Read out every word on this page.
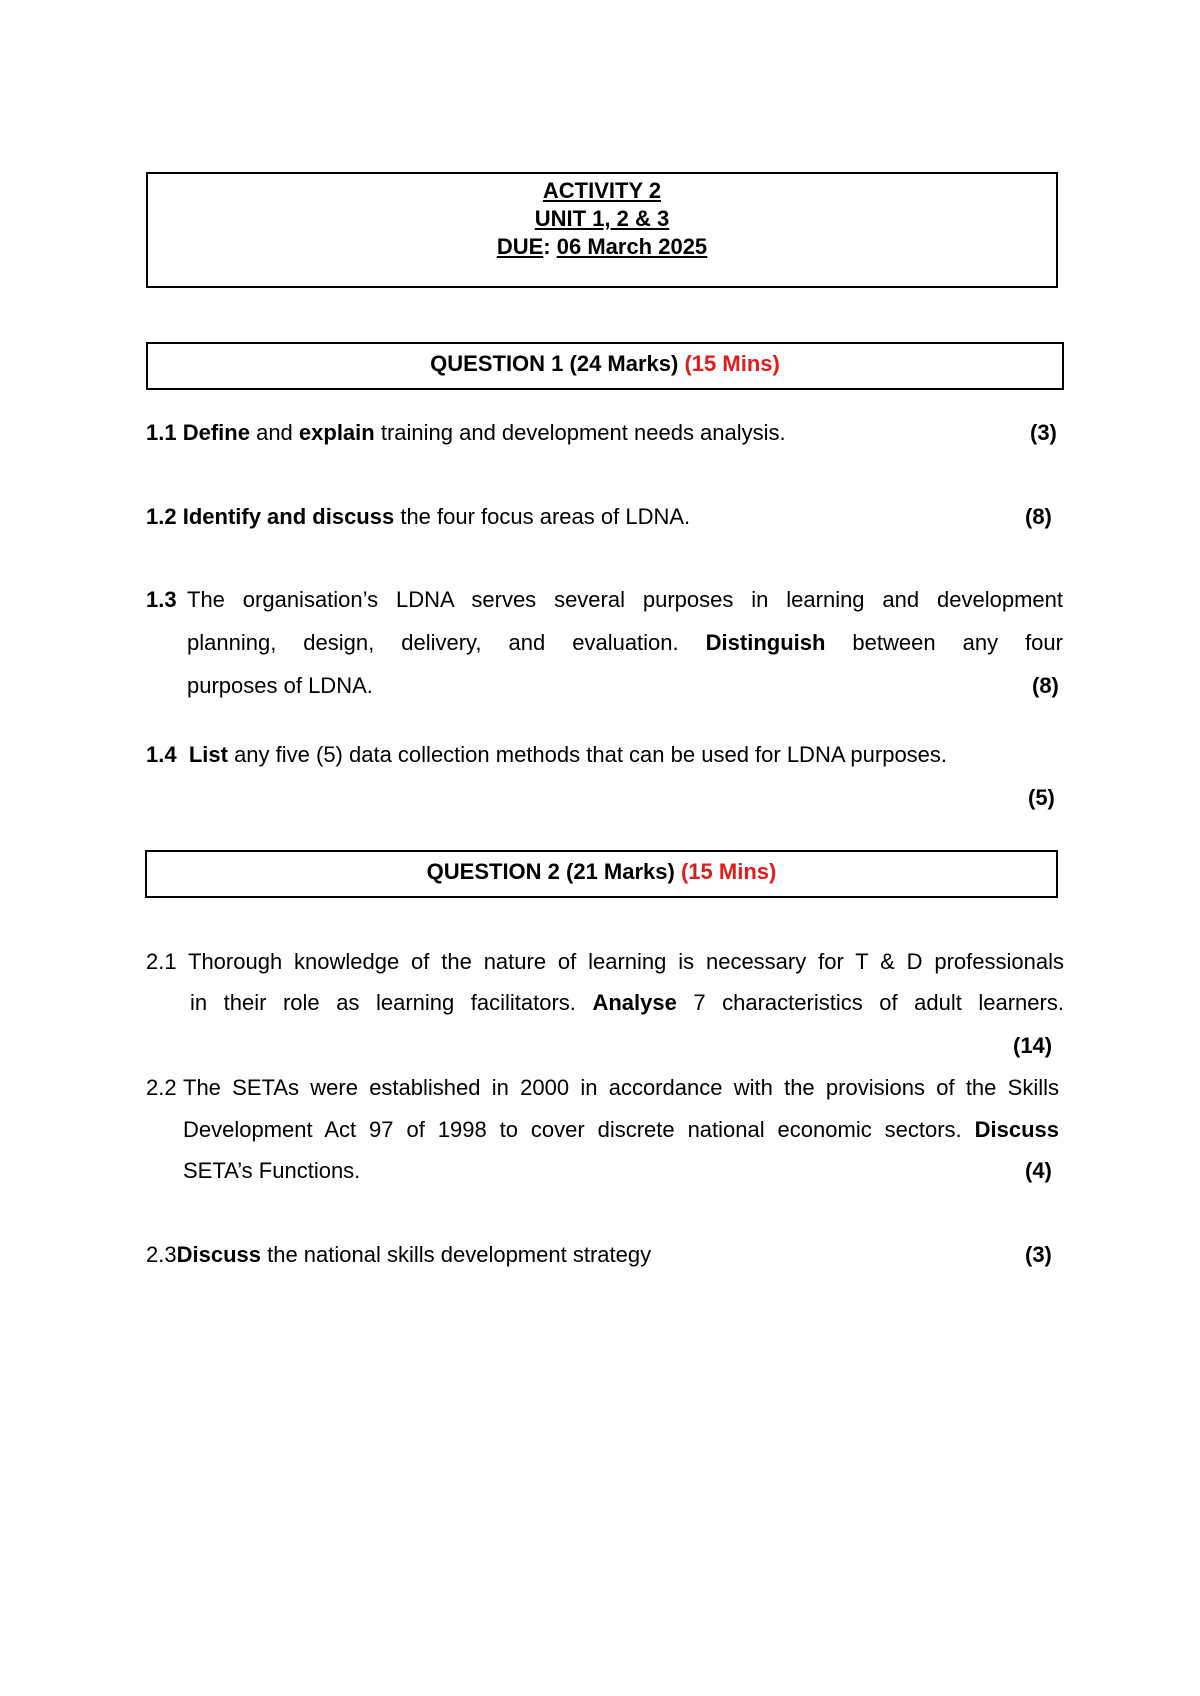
ACTIVITY 2
UNIT 1, 2 & 3
DUE: 06 March 2025
QUESTION 1 (24 Marks) (15 Mins)
1.1 Define and explain training and development needs analysis.	(3)
1.2 Identify and discuss the four focus areas of LDNA.	(8)
1.3 The organisation’s LDNA serves several purposes in learning and development
planning, design, delivery, and evaluation. Distinguish between any four
purposes of LDNA.	(8)
1.4 List any five (5) data collection methods that can be used for LDNA purposes.
(5)
QUESTION 2 (21 Marks) (15 Mins)
2.1 Thorough knowledge of the nature of learning is necessary for T & D professionals
in their role as learning facilitators. Analyse 7 characteristics of adult learners.
(14)
2.2 The SETAs were established in 2000 in accordance with the provisions of the Skills
Development Act 97 of 1998 to cover discrete national economic sectors. Discuss
SETA’s Functions.	(4)
2.3Discuss the national skills development strategy	(3)
